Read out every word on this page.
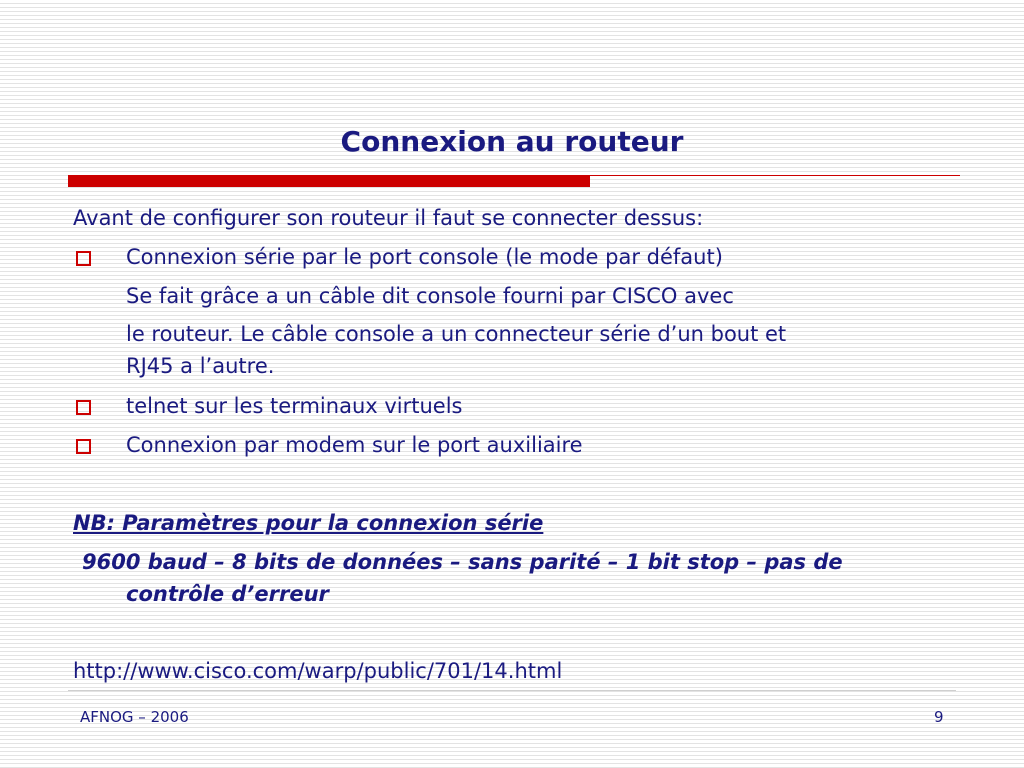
Connexion au routeur
Avant de configurer son routeur il faut se connecter dessus:
Connexion série par le port console (le mode par défaut)
Se fait grâce a un câble dit console fourni par CISCO avec
le routeur. Le câble console a un connecteur série d’un bout et
RJ45 a l’autre.
telnet sur les terminaux virtuels
Connexion par modem sur le port auxiliaire
NB: Paramètres pour la connexion série
9600 baud – 8 bits de données – sans parité – 1 bit stop – pas de
contrôle d’erreur
http://www.cisco.com/warp/public/701/14.html
AFNOG – 2006	9
